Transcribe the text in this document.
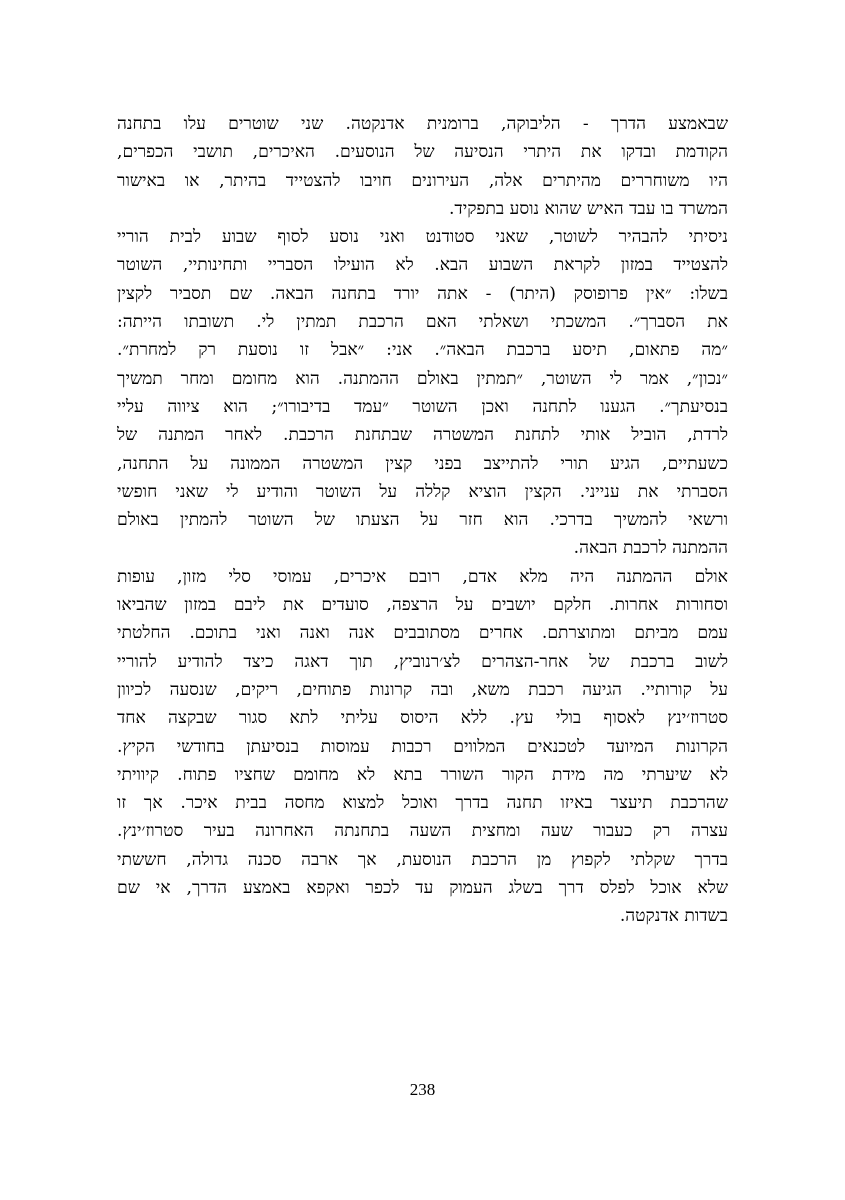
שבאמצע הדרך - הליבוקה, ברומנית אדנקטה. שני שוטרים עלו בתחנה
הקודמת ובדקו את היתרי הנסיעה של הנוסעים. האיכרים, תושבי הכפרים,
היו משוחררים מהיתרים אלה, העירונים חויבו להצטייד בהיתר, או באישור
המשרד בו עבד האיש שהוא נוסע בתפקיד.
ניסיתי להבהיר לשוטר, שאני סטודנט ואני נוסע לסוף שבוע לבית הוריי
להצטייד במזון לקראת השבוע הבא. לא הועילו הסבריי ותחינותיי, השוטר
בשלו: ״אין פרופוסק (היתר) - אתה יורד בתחנה הבאה. שם תסביר לקצין
את הסברך״. המשכתי ושאלתי האם הרכבת תמתין לי. תשובתו הייתה:
״מה פתאום, תיסע ברכבת הבאה״. אני: ״אבל זו נוסעת רק למחרת״.
״נכון״, אמר לי השוטר, ״תמתין באולם ההמתנה. הוא מחומם ומחר תמשיך
בנסיעתך״. הגענו לתחנה ואכן השוטר ״עמד בדיבורו״; הוא ציווה עליי
לרדת, הוביל אותי לתחנת המשטרה שבתחנת הרכבת. לאחר המתנה של
כשעתיים, הגיע תורי להתייצב בפני קצין המשטרה הממונה על התחנה,
הסברתי את ענייני. הקצין הוציא קללה על השוטר והודיע לי שאני חופשי
ורשאי להמשיך בדרכי. הוא חזר על הצעתו של השוטר להמתין באולם
ההמתנה לרכבת הבאה.
אולם ההמתנה היה מלא אדם, רובם איכרים, עמוסי סלי מזון, עופות
וסחורות אחרות. חלקם יושבים על הרצפה, סועדים את ליבם במזון שהביאו
עמם מביתם ומתוצרתם. אחרים מסתובבים אנה ואנה ואני בתוכם. החלטתי
לשוב ברכבת של אחר-הצהרים לצ׳רנוביץ, תוך דאגה כיצד להודיע להוריי
על קורותיי. הגיעה רכבת משא, ובה קרונות פתוחים, ריקים, שנסעה לכיוון
סטרוז׳ינץ לאסוף בולי עץ. ללא היסוס עליתי לתא סגור שבקצה אחד
הקרונות המיועד לטכנאים המלווים רכבות עמוסות בנסיעתן בחודשי הקיץ.
לא שיערתי מה מידת הקור השורר בתא לא מחומם שחציו פתוח. קיוויתי
שהרכבת תיעצר באיזו תחנה בדרך ואוכל למצוא מחסה בבית איכר. אך זו
עצרה רק כעבור שעה ומחצית השעה בתחנתה האחרונה בעיר סטרוז׳ינץ.
בדרך שקלתי לקפוץ מן הרכבת הנוסעת, אך ארבה סכנה גדולה, חששתי
שלא אוכל לפלס דרך בשלג העמוק עד לכפר ואקפא באמצע הדרך, אי שם
בשדות אדנקטה.
238
